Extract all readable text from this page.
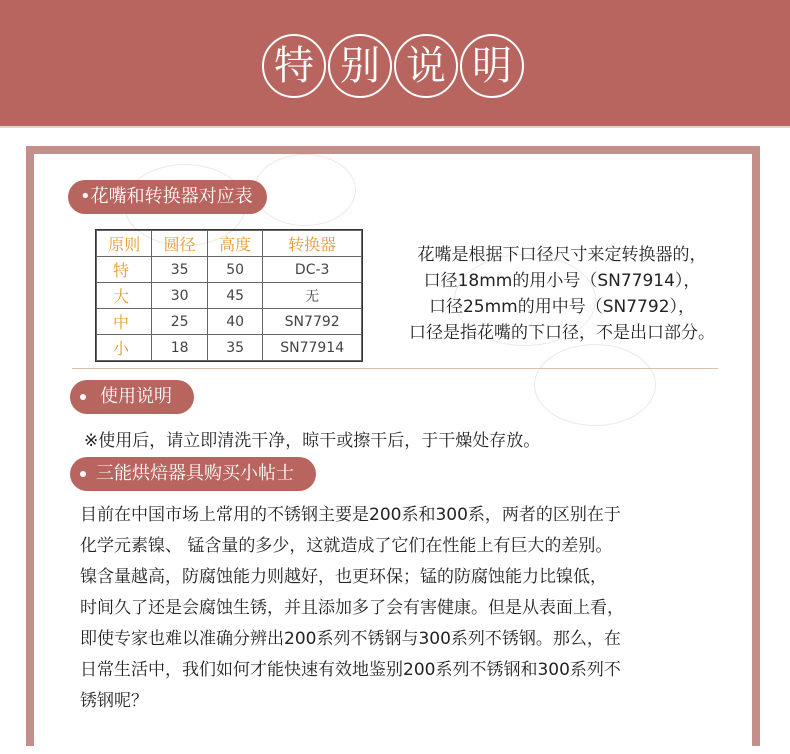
特 别 说 明
•花嘴和转换器对应表
原则	圆径	高度	转换器
特	35	50	DC-3
大	30	45	无
中	25	40	SN7792
小	18	35	SN77914
花嘴是根据下口径尺寸来定转换器的，
口径18mm的用小号（SN77914），
口径25mm的用中号（SN7792），
口径是指花嘴的下口径，不是出口部分。
使用说明
※使用后，请立即清洗干净，晾干或擦干后，于干燥处存放。
三能烘焙器具购买小帖士
目前在中国市场上常用的不锈钢主要是200系和300系，两者的区别在于
化学元素镍、 锰含量的多少，这就造成了它们在性能上有巨大的差别。
镍含量越高，防腐蚀能力则越好，也更环保；锰的防腐蚀能力比镍低，
时间久了还是会腐蚀生锈，并且添加多了会有害健康。但是从表面上看，
即使专家也难以准确分辨出200系列不锈钢与300系列不锈钢。那么，在
日常生活中，我们如何才能快速有效地鉴别200系列不锈钢和300系列不
锈钢呢？
